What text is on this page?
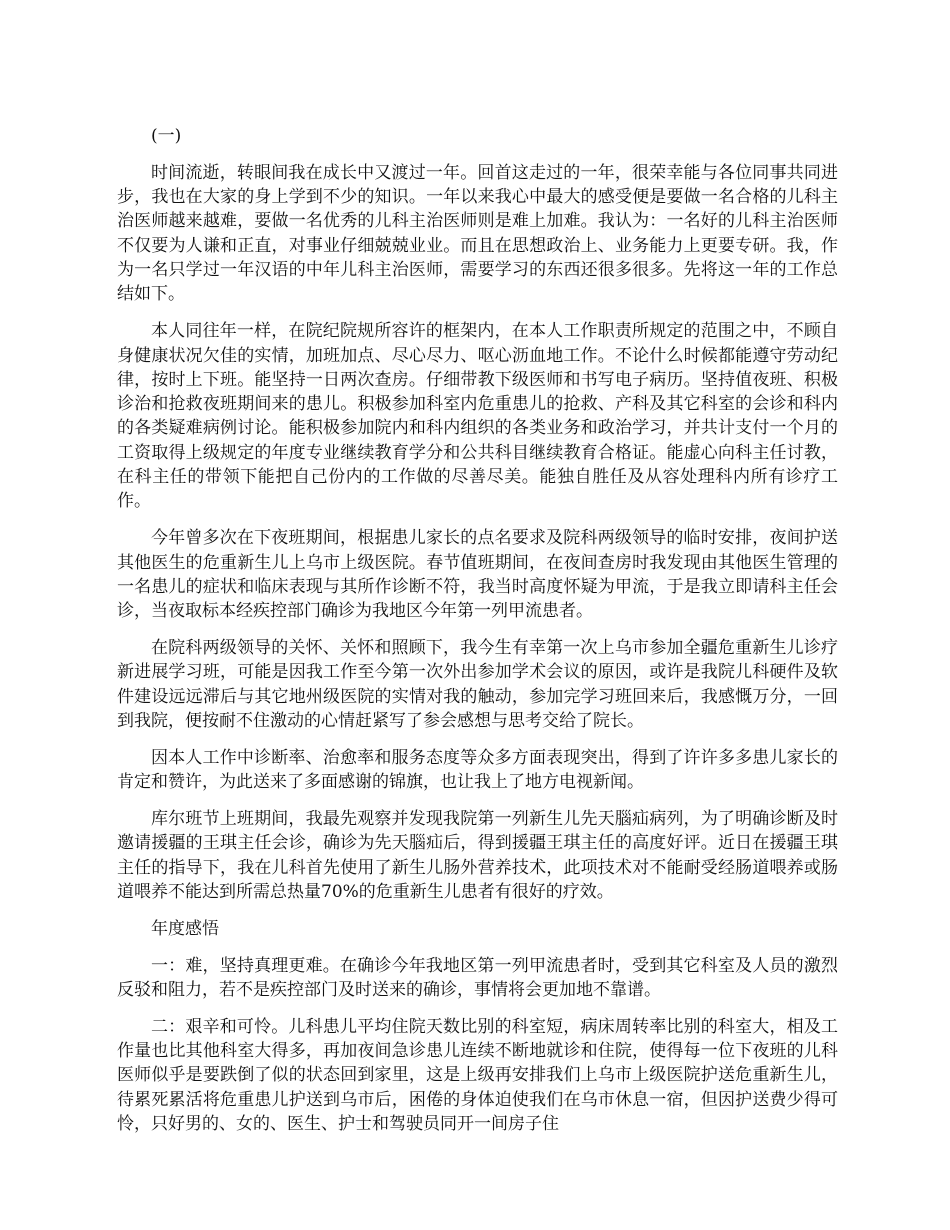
(一)

时间流逝，转眼间我在成长中又渡过一年。回首这走过的一年，很荣幸能与各位同事共同进步，我也在大家的身上学到不少的知识。一年以来我心中最大的感受便是要做一名合格的儿科主治医师越来越难，要做一名优秀的儿科主治医师则是难上加难。我认为：一名好的儿科主治医师不仅要为人谦和正直，对事业仔细兢兢业业。而且在思想政治上、业务能力上更要专研。我，作为一名只学过一年汉语的中年儿科主治医师，需要学习的东西还很多很多。先将这一年的工作总结如下。

本人同往年一样，在院纪院规所容许的框架内，在本人工作职责所规定的范围之中，不顾自身健康状况欠佳的实情，加班加点、尽心尽力、呕心沥血地工作。不论什么时候都能遵守劳动纪律，按时上下班。能坚持一日两次查房。仔细带教下级医师和书写电子病历。坚持值夜班、积极诊治和抢救夜班期间来的患儿。积极参加科室内危重患儿的抢救、产科及其它科室的会诊和科内的各类疑难病例讨论。能积极参加院内和科内组织的各类业务和政治学习，并共计支付一个月的工资取得上级规定的年度专业继续教育学分和公共科目继续教育合格证。能虚心向科主任讨教，在科主任的带领下能把自己份内的工作做的尽善尽美。能独自胜任及从容处理科内所有诊疗工作。

今年曾多次在下夜班期间，根据患儿家长的点名要求及院科两级领导的临时安排，夜间护送其他医生的危重新生儿上乌市上级医院。春节值班期间，在夜间查房时我发现由其他医生管理的一名患儿的症状和临床表现与其所作诊断不符，我当时高度怀疑为甲流，于是我立即请科主任会诊，当夜取标本经疾控部门确诊为我地区今年第一列甲流患者。

在院科两级领导的关怀、关怀和照顾下，我今生有幸第一次上乌市参加全疆危重新生儿诊疗新进展学习班，可能是因我工作至今第一次外出参加学术会议的原因，或许是我院儿科硬件及软件建设远远滞后与其它地州级医院的实情对我的触动，参加完学习班回来后，我感慨万分，一回到我院，便按耐不住激动的心情赶紧写了参会感想与思考交给了院长。

因本人工作中诊断率、治愈率和服务态度等众多方面表现突出，得到了许许多多患儿家长的肯定和赞许，为此送来了多面感谢的锦旗，也让我上了地方电视新闻。

库尔班节上班期间，我最先观察并发现我院第一列新生儿先天腦疝病列，为了明确诊断及时邀请援疆的王琪主任会诊，确诊为先天腦疝后，得到援疆王琪主任的高度好评。近日在援疆王琪主任的指导下，我在儿科首先使用了新生儿肠外营养技术，此项技术对不能耐受经肠道喂养或肠道喂养不能达到所需总热量70%的危重新生儿患者有很好的疗效。

年度感悟

一：难，坚持真理更难。在确诊今年我地区第一列甲流患者时，受到其它科室及人员的激烈反驳和阻力，若不是疾控部门及时送来的确诊，事情将会更加地不靠谱。

二：艰辛和可怜。儿科患儿平均住院天数比别的科室短，病床周转率比别的科室大，相及工作量也比其他科室大得多，再加夜间急诊患儿连续不断地就诊和住院，使得每一位下夜班的儿科医师似乎是要跌倒了似的状态回到家里，这是上级再安排我们上乌市上级医院护送危重新生儿，待累死累活将危重患儿护送到乌市后，困倦的身体迫使我们在乌市休息一宿，但因护送费少得可怜，只好男的、女的、医生、护士和驾驶员同开一间房子住
